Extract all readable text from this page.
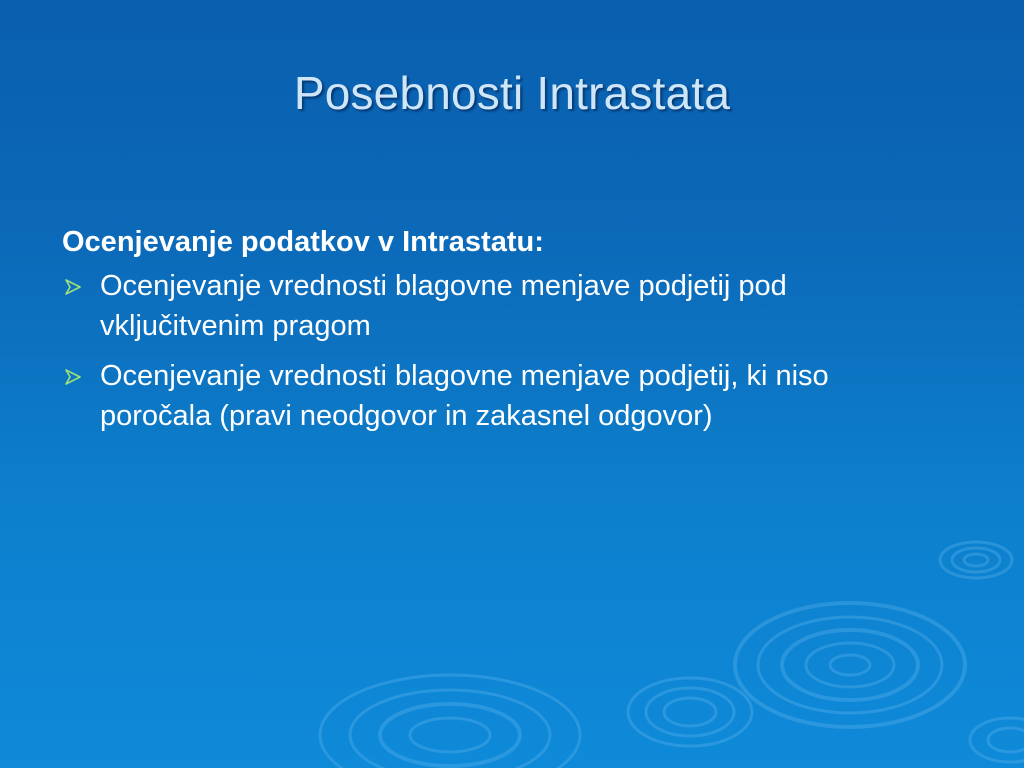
Posebnosti Intrastata

Ocenjevanje podatkov v Intrastatu:

Ocenjevanje vrednosti blagovne menjave podjetij pod
vključitvenim pragom
Ocenjevanje vrednosti blagovne menjave podjetij, ki niso
poročala (pravi neodgovor in zakasnel odgovor)
